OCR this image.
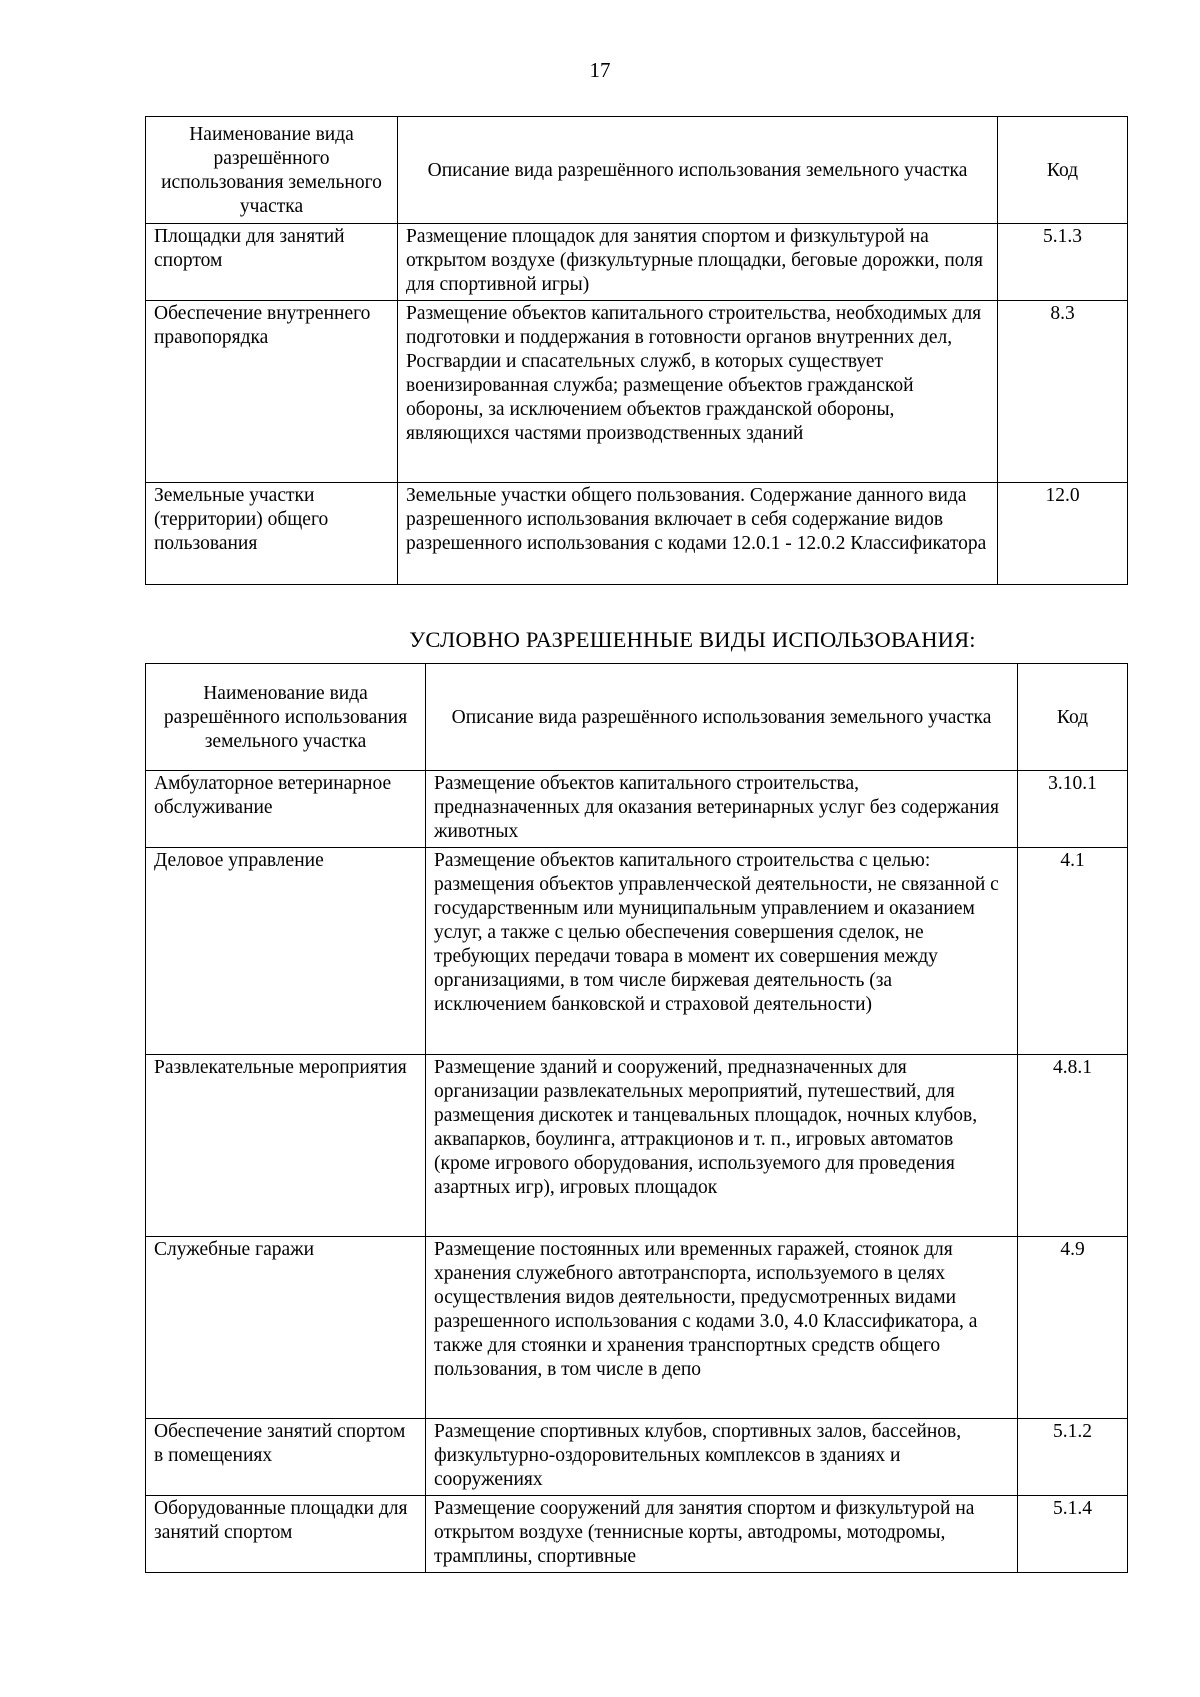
17
Наименование вида разрешённого использования земельного участка	Описание вида разрешённого использования земельного участка	Код
Площадки для занятий спортом	Размещение площадок для занятия спортом и физкультурой на открытом воздухе (физкультурные площадки, беговые дорожки, поля для спортивной игры)	5.1.3
Обеспечение внутреннего правопорядка	Размещение объектов капитального строительства, необходимых для подготовки и поддержания в готовности органов внутренних дел, Росгвардии и спасательных служб, в которых существует военизированная служба; размещение объектов гражданской обороны, за исключением объектов гражданской обороны, являющихся частями производственных зданий	8.3
Земельные участки (территории) общего пользования	Земельные участки общего пользования. Содержание данного вида разрешенного использования включает в себя содержание видов разрешенного использования с кодами 12.0.1 - 12.0.2 Классификатора	12.0
УСЛОВНО РАЗРЕШЕННЫЕ ВИДЫ ИСПОЛЬЗОВАНИЯ:
Наименование вида разрешённого использования земельного участка	Описание вида разрешённого использования земельного участка	Код
Амбулаторное ветеринарное обслуживание	Размещение объектов капитального строительства, предназначенных для оказания ветеринарных услуг без содержания животных	3.10.1
Деловое управление	Размещение объектов капитального строительства с целью: размещения объектов управленческой деятельности, не связанной с государственным или муниципальным управлением и оказанием услуг, а также с целью обеспечения совершения сделок, не требующих передачи товара в момент их совершения между организациями, в том числе биржевая деятельность (за исключением банковской и страховой деятельности)	4.1
Развлекательные мероприятия	Размещение зданий и сооружений, предназначенных для организации развлекательных мероприятий, путешествий, для размещения дискотек и танцевальных площадок, ночных клубов, аквапарков, боулинга, аттракционов и т. п., игровых автоматов (кроме игрового оборудования, используемого для проведения азартных игр), игровых площадок	4.8.1
Служебные гаражи	Размещение постоянных или временных гаражей, стоянок для хранения служебного автотранспорта, используемого в целях осуществления видов деятельности, предусмотренных видами разрешенного использования с кодами 3.0, 4.0 Классификатора, а также для стоянки и хранения транспортных средств общего пользования, в том числе в депо	4.9
Обеспечение занятий спортом в помещениях	Размещение спортивных клубов, спортивных залов, бассейнов, физкультурно-оздоровительных комплексов в зданиях и сооружениях	5.1.2
Оборудованные площадки для занятий спортом	Размещение сооружений для занятия спортом и физкультурой на открытом воздухе (теннисные корты, автодромы, мотодромы, трамплины, спортивные	5.1.4
